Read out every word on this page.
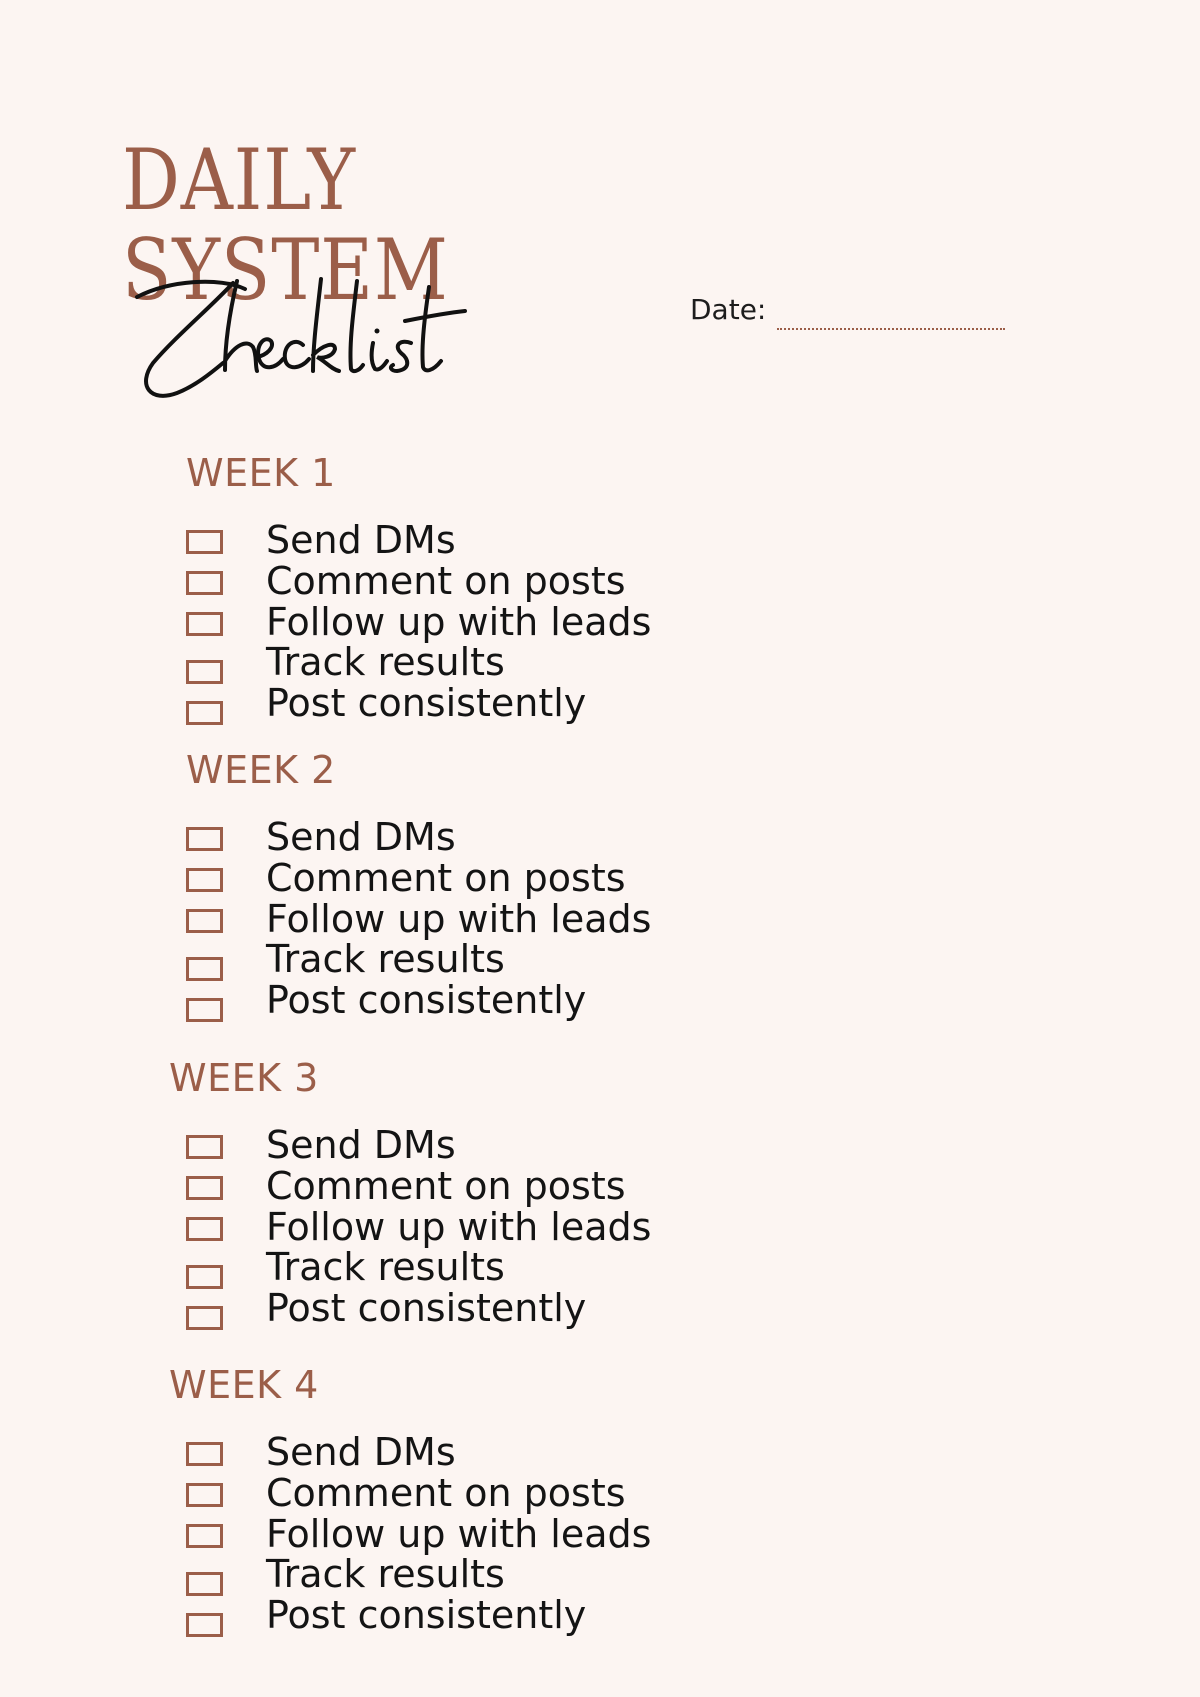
DAILY
SYSTEM	Date:
WEEK 1
Send DMs
Comment on posts
Follow up with leads
Track results
Post consistently
WEEK 2
Send DMs
Comment on posts
Follow up with leads
Track results
Post consistently
WEEK 3
Send DMs
Comment on posts
Follow up with leads
Track results
Post consistently
WEEK 4
Send DMs
Comment on posts
Follow up with leads
Track results
Post consistently
